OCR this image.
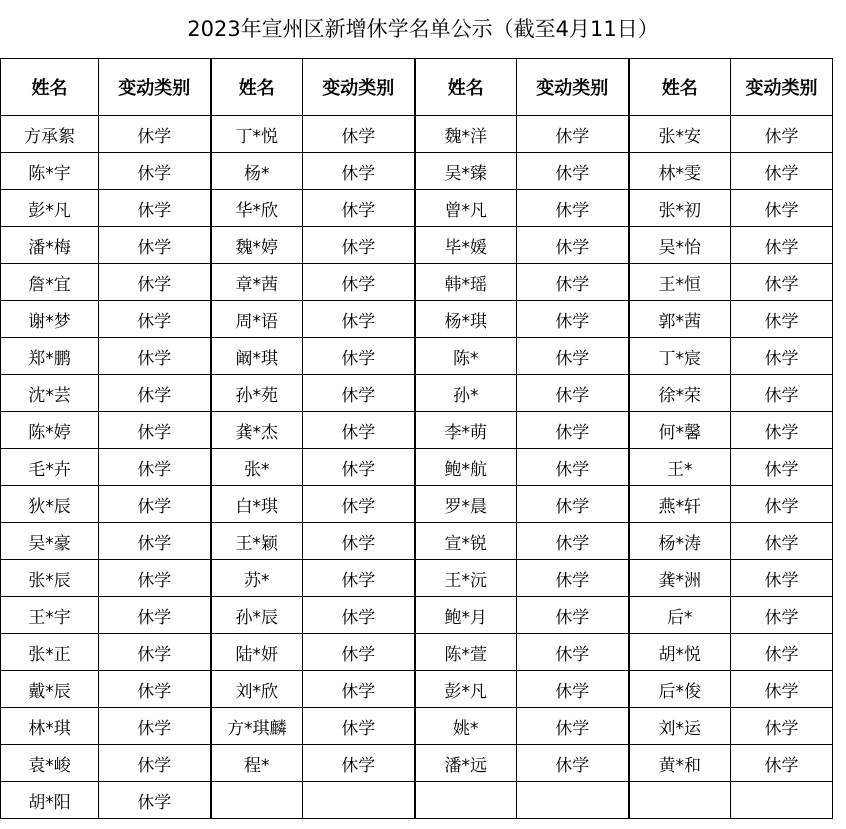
2023年宣州区新增休学名单公示（截至4月11日）
姓名	变动类别	姓名	变动类别	姓名	变动类别	姓名	变动类别
方承絮	休学	丁*悦	休学	魏*洋	休学	张*安	休学
陈*宇	休学	杨*	休学	吴*臻	休学	林*雯	休学
彭*凡	休学	华*欣	休学	曾*凡	休学	张*初	休学
潘*梅	休学	魏*婷	休学	毕*媛	休学	吴*怡	休学
詹*宜	休学	章*茜	休学	韩*瑶	休学	王*恒	休学
谢*梦	休学	周*语	休学	杨*琪	休学	郭*茜	休学
郑*鹏	休学	阚*琪	休学	陈*	休学	丁*宸	休学
沈*芸	休学	孙*苑	休学	孙*	休学	徐*荣	休学
陈*婷	休学	龚*杰	休学	李*萌	休学	何*馨	休学
毛*卉	休学	张*	休学	鲍*航	休学	王*	休学
狄*辰	休学	白*琪	休学	罗*晨	休学	燕*轩	休学
吴*豪	休学	王*颖	休学	宣*锐	休学	杨*涛	休学
张*辰	休学	苏*	休学	王*沅	休学	龚*洲	休学
王*宇	休学	孙*辰	休学	鲍*月	休学	后*	休学
张*正	休学	陆*妍	休学	陈*萱	休学	胡*悦	休学
戴*辰	休学	刘*欣	休学	彭*凡	休学	后*俊	休学
林*琪	休学	方*琪麟	休学	姚*	休学	刘*运	休学
袁*峻	休学	程*	休学	潘*远	休学	黄*和	休学
胡*阳	休学						
